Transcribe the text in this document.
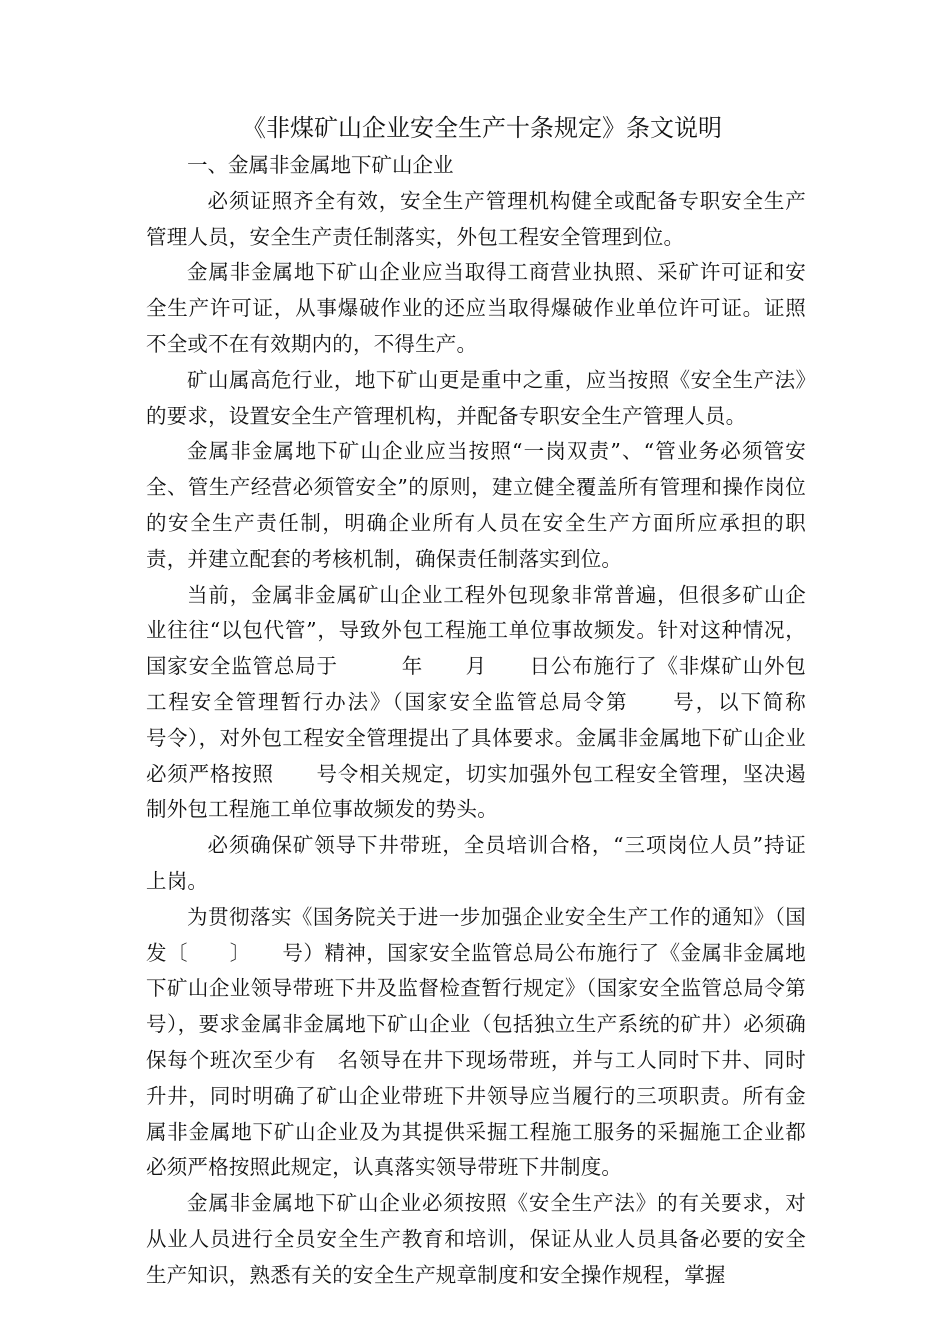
《非煤矿山企业安全生产十条规定》条文说明

一、金属非金属地下矿山企业

必须证照齐全有效，安全生产管理机构健全或配备专职安全生产管理人员，安全生产责任制落实，外包工程安全管理到位。

金属非金属地下矿山企业应当取得工商营业执照、采矿许可证和安全生产许可证，从事爆破作业的还应当取得爆破作业单位许可证。证照不全或不在有效期内的，不得生产。

矿山属高危行业，地下矿山更是重中之重，应当按照《安全生产法》的要求，设置安全生产管理机构，并配备专职安全生产管理人员。

金属非金属地下矿山企业应当按照“一岗双责”、“管业务必须管安全、管生产经营必须管安全”的原则，建立健全覆盖所有管理和操作岗位的安全生产责任制，明确企业所有人员在安全生产方面所应承担的职责，并建立配套的考核机制，确保责任制落实到位。

当前，金属非金属矿山企业工程外包现象非常普遍，但很多矿山企业往往“以包代管”，导致外包工程施工单位事故频发。针对这种情况，国家安全监管总局于　　　年　　月　　日公布施行了《非煤矿山外包工程安全管理暂行办法》（国家安全监管总局令第　　号，以下简称　　号令），对外包工程安全管理提出了具体要求。金属非金属地下矿山企业必须严格按照　　号令相关规定，切实加强外包工程安全管理，坚决遏制外包工程施工单位事故频发的势头。

必须确保矿领导下井带班，全员培训合格，“三项岗位人员”持证上岗。

为贯彻落实《国务院关于进一步加强企业安全生产工作的通知》（国发〔　　〕　　号）精神，国家安全监管总局公布施行了《金属非金属地下矿山企业领导带班下井及监督检查暂行规定》（国家安全监管总局令第　　号），要求金属非金属地下矿山企业（包括独立生产系统的矿井）必须确保每个班次至少有　名领导在井下现场带班，并与工人同时下井、同时升井，同时明确了矿山企业带班下井领导应当履行的三项职责。所有金属非金属地下矿山企业及为其提供采掘工程施工服务的采掘施工企业都必须严格按照此规定，认真落实领导带班下井制度。

金属非金属地下矿山企业必须按照《安全生产法》的有关要求，对从业人员进行全员安全生产教育和培训，保证从业人员具备必要的安全生产知识，熟悉有关的安全生产规章制度和安全操作规程，掌握
